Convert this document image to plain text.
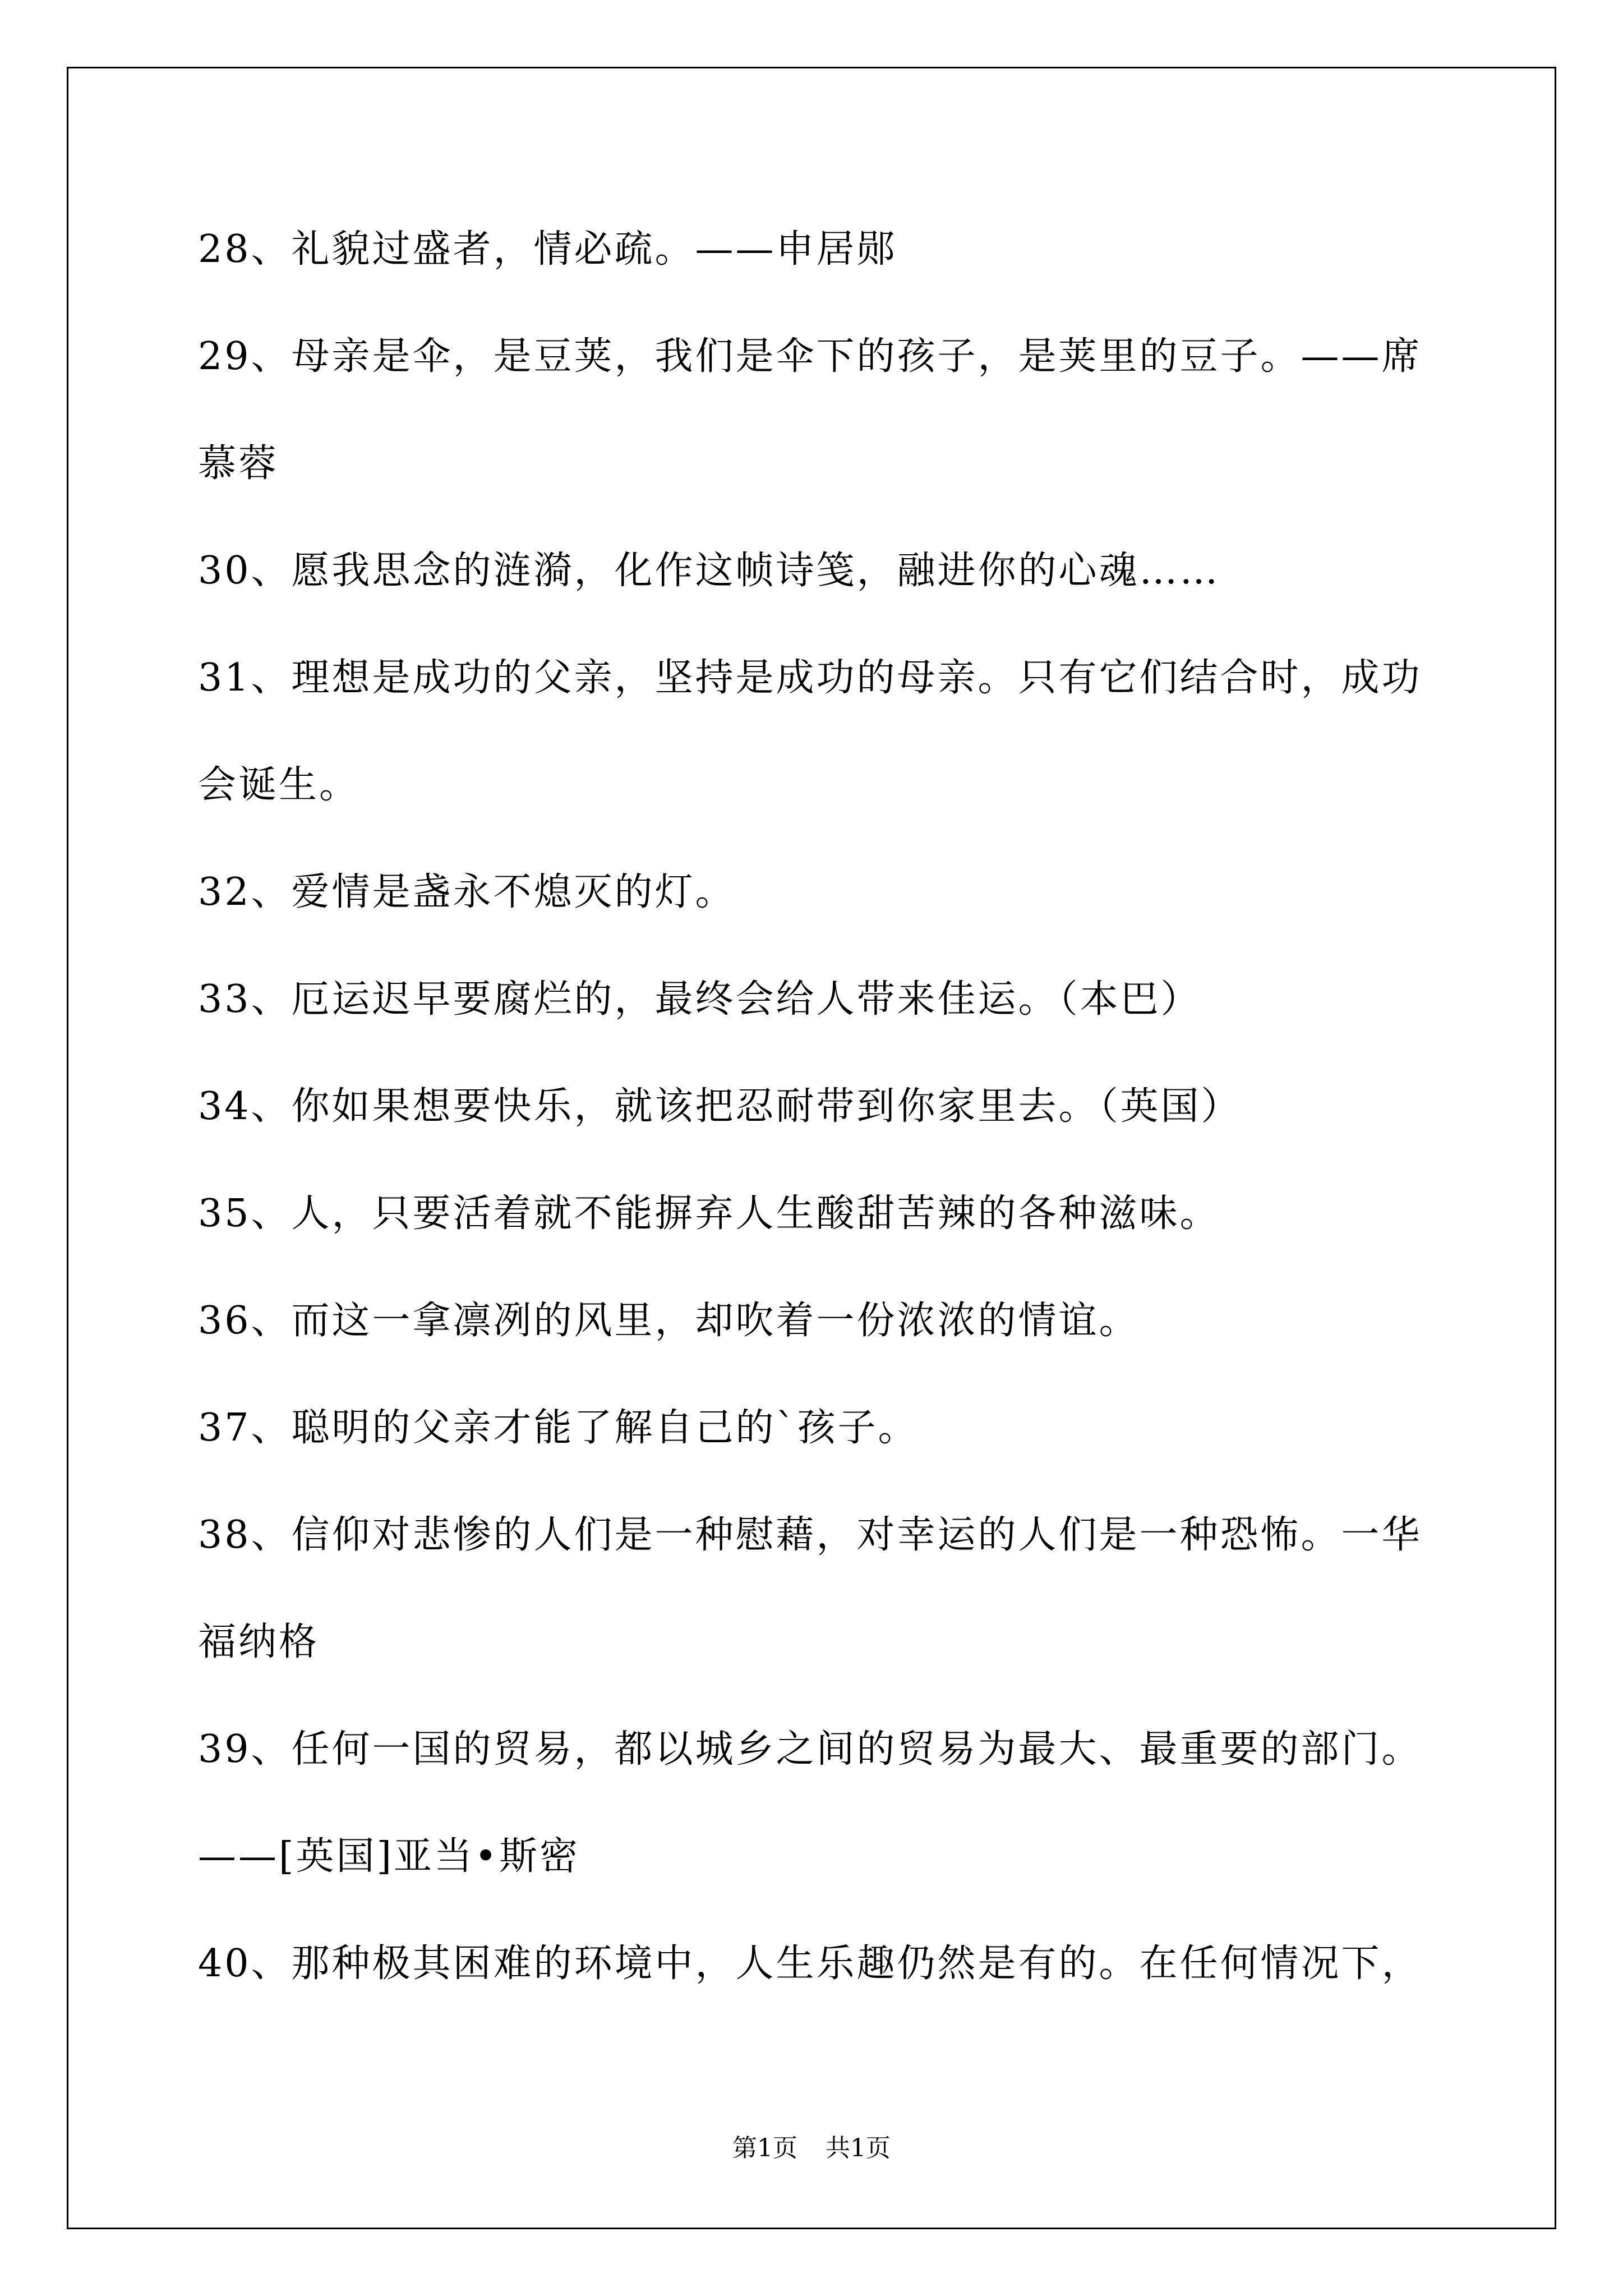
28、礼貌过盛者，情必疏。——申居郧
29、母亲是伞，是豆荚，我们是伞下的孩子，是荚里的豆子。——席
慕蓉
30、愿我思念的涟漪，化作这帧诗笺，融进你的心魂……
31、理想是成功的父亲，坚持是成功的母亲。只有它们结合时，成功
会诞生。
32、爱情是盏永不熄灭的灯。
33、厄运迟早要腐烂的，最终会给人带来佳运。（本巴）
34、你如果想要快乐，就该把忍耐带到你家里去。（英国）
35、人，只要活着就不能摒弃人生酸甜苦辣的各种滋味。
36、而这一拿凛冽的风里，却吹着一份浓浓的情谊。
37、聪明的父亲才能了解自己的`孩子。
38、信仰对悲惨的人们是一种慰藉，对幸运的人们是一种恐怖。一华
福纳格
39、任何一国的贸易，都以城乡之间的贸易为最大、最重要的部门。
——[英国]亚当•斯密
40、那种极其困难的环境中，人生乐趣仍然是有的。在任何情况下，
第1页 共1页
